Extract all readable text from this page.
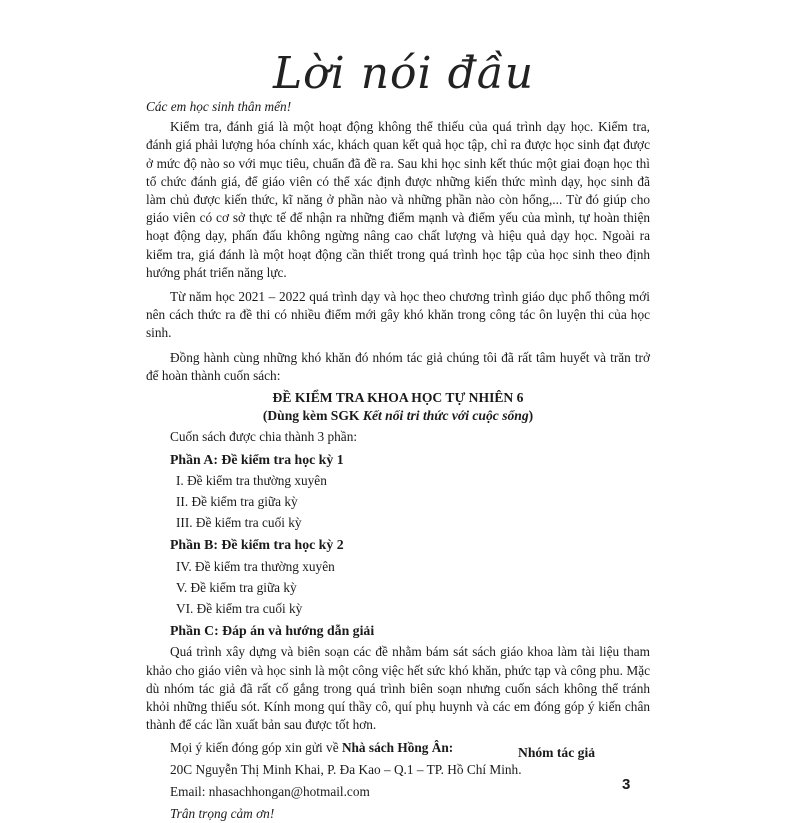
Lời nói đầu

Các em học sinh thân mến!

Kiểm tra, đánh giá là một hoạt động không thể thiếu của quá trình dạy học. Kiểm tra, đánh giá phải lượng hóa chính xác, khách quan kết quả học tập, chỉ ra được học sinh đạt được ở mức độ nào so với mục tiêu, chuẩn đã đề ra. Sau khi học sinh kết thúc một giai đoạn học thì tổ chức đánh giá, để giáo viên có thể xác định được những kiến thức mình dạy, học sinh đã làm chủ được kiến thức, kĩ năng ở phần nào và những phần nào còn hổng,... Từ đó giúp cho giáo viên có cơ sở thực tế để nhận ra những điểm mạnh và điểm yếu của mình, tự hoàn thiện hoạt động dạy, phấn đấu không ngừng nâng cao chất lượng và hiệu quả dạy học. Ngoài ra kiểm tra, giá đánh là một hoạt động cần thiết trong quá trình học tập của học sinh theo định hướng phát triển năng lực.

Từ năm học 2021 – 2022 quá trình dạy và học theo chương trình giáo dục phổ thông mới nên cách thức ra đề thi có nhiều điểm mới gây khó khăn trong công tác ôn luyện thi của học sinh.

Đồng hành cùng những khó khăn đó nhóm tác giả chúng tôi đã rất tâm huyết và trăn trở để hoàn thành cuốn sách:

ĐỀ KIỂM TRA KHOA HỌC TỰ NHIÊN 6
(Dùng kèm SGK Kết nối tri thức với cuộc sống)

Cuốn sách được chia thành 3 phần:

Phần A: Đề kiểm tra học kỳ 1
I. Đề kiểm tra thường xuyên
II. Đề kiểm tra giữa kỳ
III. Đề kiểm tra cuối kỳ
Phần B: Đề kiểm tra học kỳ 2
IV. Đề kiểm tra thường xuyên
V. Đề kiểm tra giữa kỳ
VI. Đề kiểm tra cuối kỳ
Phần C: Đáp án và hướng dẫn giải

Quá trình xây dựng và biên soạn các đề nhằm bám sát sách giáo khoa làm tài liệu tham khảo cho giáo viên và học sinh là một công việc hết sức khó khăn, phức tạp và công phu. Mặc dù nhóm tác giả đã rất cố gắng trong quá trình biên soạn nhưng cuốn sách không thể tránh khỏi những thiếu sót. Kính mong quí thầy cô, quí phụ huynh và các em đóng góp ý kiến chân thành để các lần xuất bản sau được tốt hơn.

Mọi ý kiến đóng góp xin gửi về Nhà sách Hồng Ân:
20C Nguyễn Thị Minh Khai, P. Đa Kao – Q.1 – TP. Hồ Chí Minh.
Email: nhasachhongan@hotmail.com
Trân trọng cảm ơn!
Nhóm tác giả
3
